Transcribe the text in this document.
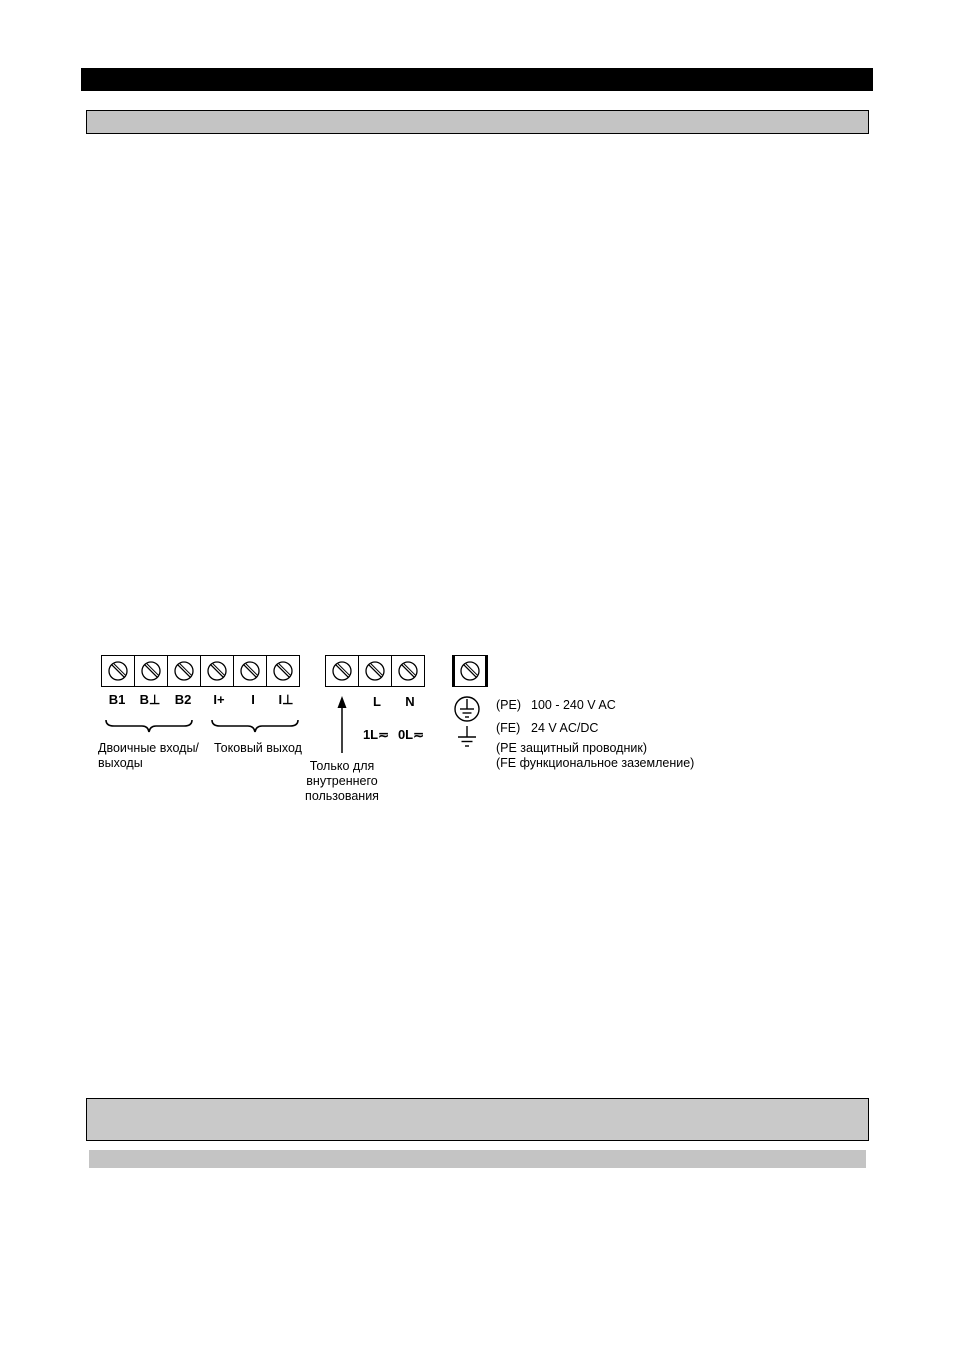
B1	B⊥	B2	I+	I	I⊥
Двоичные входы/ выходы
Токовый выход
L	N
1L≂ 0L≂
Только для внутреннего пользования
(PE) 100 - 240 V AC
(FE) 24 V AC/DC
(PE защитный проводник)
(FE функциональное заземление)
